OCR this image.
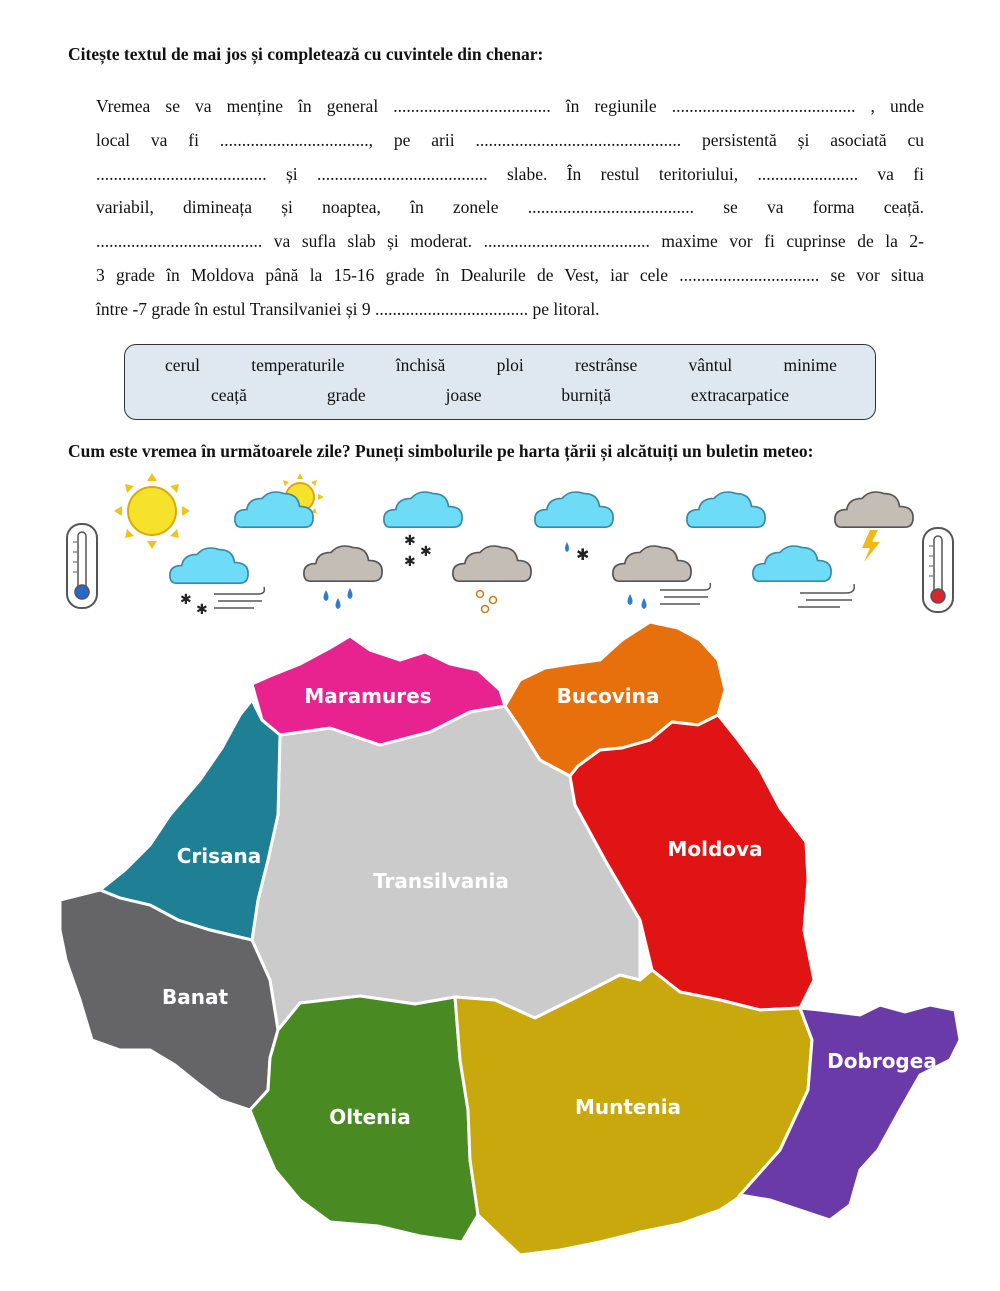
Citește textul de mai jos și completează cu cuvintele din chenar:
Vremea se va menține în general .................................... în regiunile .......................................... , unde
local va fi .................................., pe arii ............................................... persistentă și asociată cu
....................................... și ....................................... slabe. În restul teritoriului, ....................... va fi
variabil, dimineața și noaptea, în zonele ...................................... se va forma ceață.
...................................... va sufla slab și moderat. ...................................... maxime vor fi cuprinse de la 2-
3 grade în Moldova până la 15-16 grade în Dealurile de Vest, iar cele ................................ se vor situa
între -7 grade în estul Transilvaniei și 9 ................................... pe litoral.
cerul	temperaturile	închisă	ploi	restrânse	vântul	minime
ceață	grade	joase	burniță	extracarpatice
Cum este vremea în următoarele zile? Puneți simbolurile pe harta țării și alcătuiți un buletin meteo:
✱
✱
✱	✱
✱
✱
Maramures	Bucovina
Crisana
Transilvania
Moldova
Banat
Oltenia	Muntenia
Dobrogea
